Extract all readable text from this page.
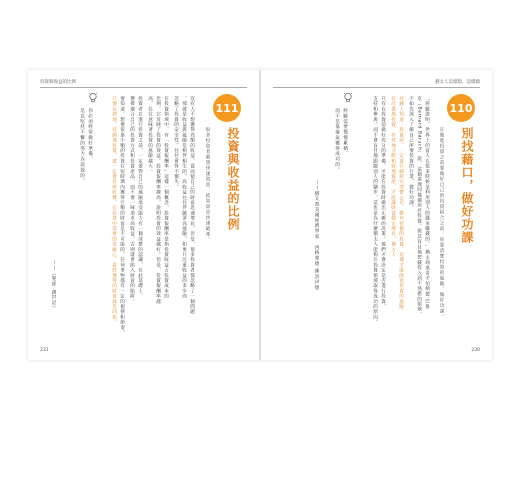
投資與收益的比例
111
投資與收益的比例
很多投資者都想快速致富，結果卻是快速破產。
沒有人不想獲得高額的收益，從而使自己的財富迅速增長，但是，很多投資者都忽略了一個問題
，那就是收益與風險是相伴相生的，高收益往往伴隨著高風險。如果只注重收益的多少而
忽略了投資的安全性，往往會得不償失。
在投資領域中，有「投資報酬率」這樣一個概念，投資報酬率是指投資收益占投資成本的
比例，它反映了投資的效益。投資報酬率越高，說明投資的效益越好。但是，投資報酬率越
高，往往意味著投資的風險越大。
投資者在進行投資之前，一定要對自己的風險承受能力有一個清楚的認識，在此基礎上，
選擇適合自己的投資方式和投資產品，而不要一味追求高收益，否則就會陷入財富的陷阱。
要知道，想要依靠小額的投資在短時期內獲得巨額的財富是不可能的，任何事物都有一定的規律和節奏。
只要長期地、持續地投資，就一定會有所收穫，在投資中需要的是耐心，最終獲得的財富就是回報。
你必須經常做好準備，
是以堅持不懈的努力為前提的。
——《聖經·創世記》
231
猶太人這樣想，這樣做
110
別找藉口，做好功課
在做進投資之前要做好自己的投資組合之前，你要清楚投資的風險，做好功課。
「經驗證明，世界上的富人在很多時候是利用別人的錢來賺錢的。」猶太商業奇才伯納德·巴魯
克（Bernard Baruch）說，這個道理同樣適用於投資。與其盲目地把錢投入到不熟悉的領域，
不如先深入了解自己所要投資的行業，做好功課。
有錢人知道：投資前，一定要仔細研究清楚公司，做有把握的投資，這樣才能降低投資的風險，
有計畫地投資，有效地分配和管理資產，才能讓財富穩定增長。猶太人
只有在投資前做好充分的準備，才能在投資時做出正確的決策，他們才會決定是否進行投資，
支持和參與。而不會盲目地跟隨別人的腳步，這也是為什麼猶太人能夠在投資領域取得成功的原因。
經驗需要慢慢累積，
而不是靠運氣獲得成功的。
——猶太裔美國經濟學家　西格蒙德·佛洛伊德
230
